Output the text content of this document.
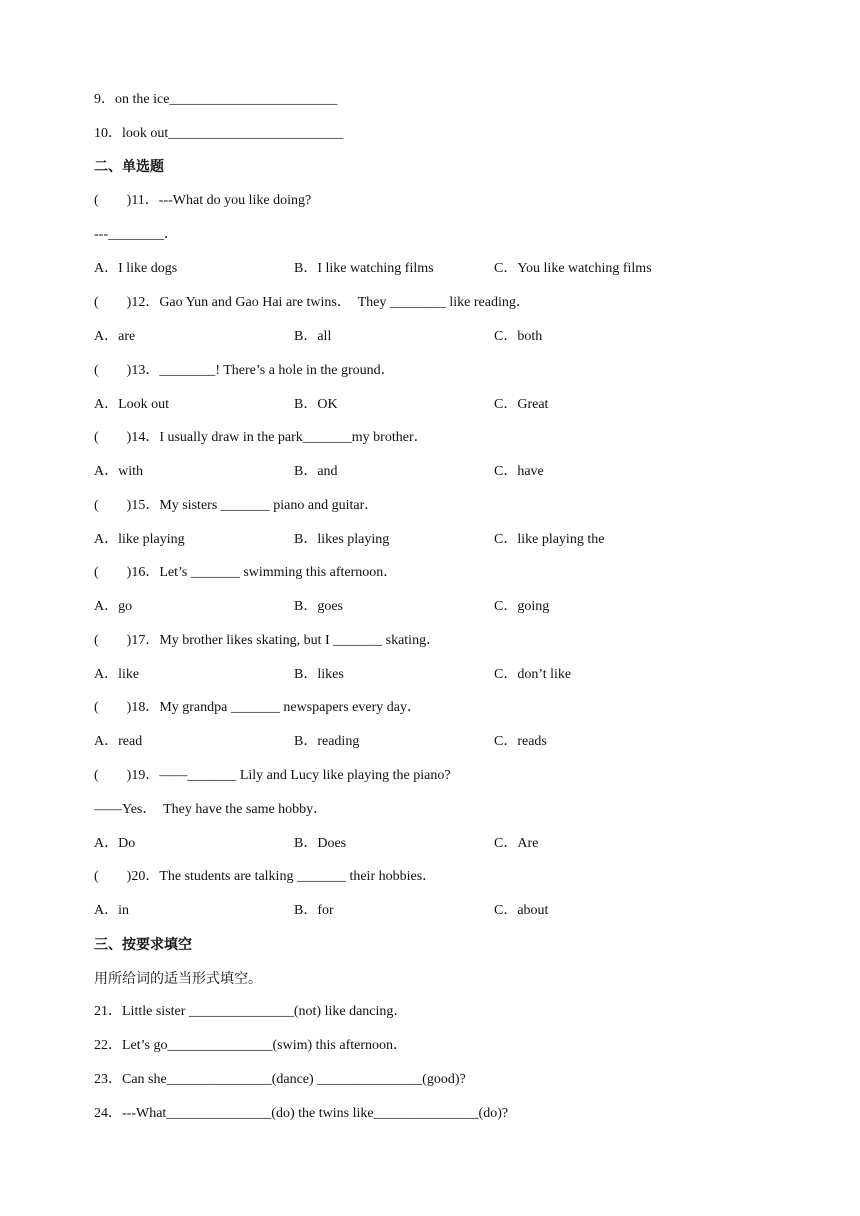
9．on the ice________________________
10．look out_________________________
二、单选题
(　　)11．---What do you like doing?
---________．
A．I like dogs	B．I like watching films	C．You like watching films
(　　)12．Gao Yun and Gao Hai are twins．  They ________ like reading．
A．are	B．all	C．both
(　　)13．________! There’s a hole in the ground．
A．Look out	B．OK	C．Great
(　　)14．I usually draw in the park_______my brother．
A．with	B．and	C．have
(　　)15．My sisters _______ piano and guitar．
A．like playing	B．likes playing	C．like playing the
(　　)16．Let’s _______ swimming this afternoon．
A．go	B．goes	C．going
(　　)17．My brother likes skating, but I _______ skating．
A．like	B．likes	C．don’t like
(　　)18．My grandpa _______ newspapers every day．
A．read	B．reading	C．reads
(　　)19．——_______ Lily and Lucy like playing the piano?
——Yes．  They have the same hobby．
A．Do	B．Does	C．Are
(　　)20．The students are talking _______ their hobbies．
A．in	B．for	C．about
三、按要求填空
用所给词的适当形式填空。
21．Little sister _______________(not) like dancing．
22．Let’s go_______________(swim) this afternoon．
23．Can she_______________(dance) _______________(good)?
24．---What_______________(do) the twins like_______________(do)?
